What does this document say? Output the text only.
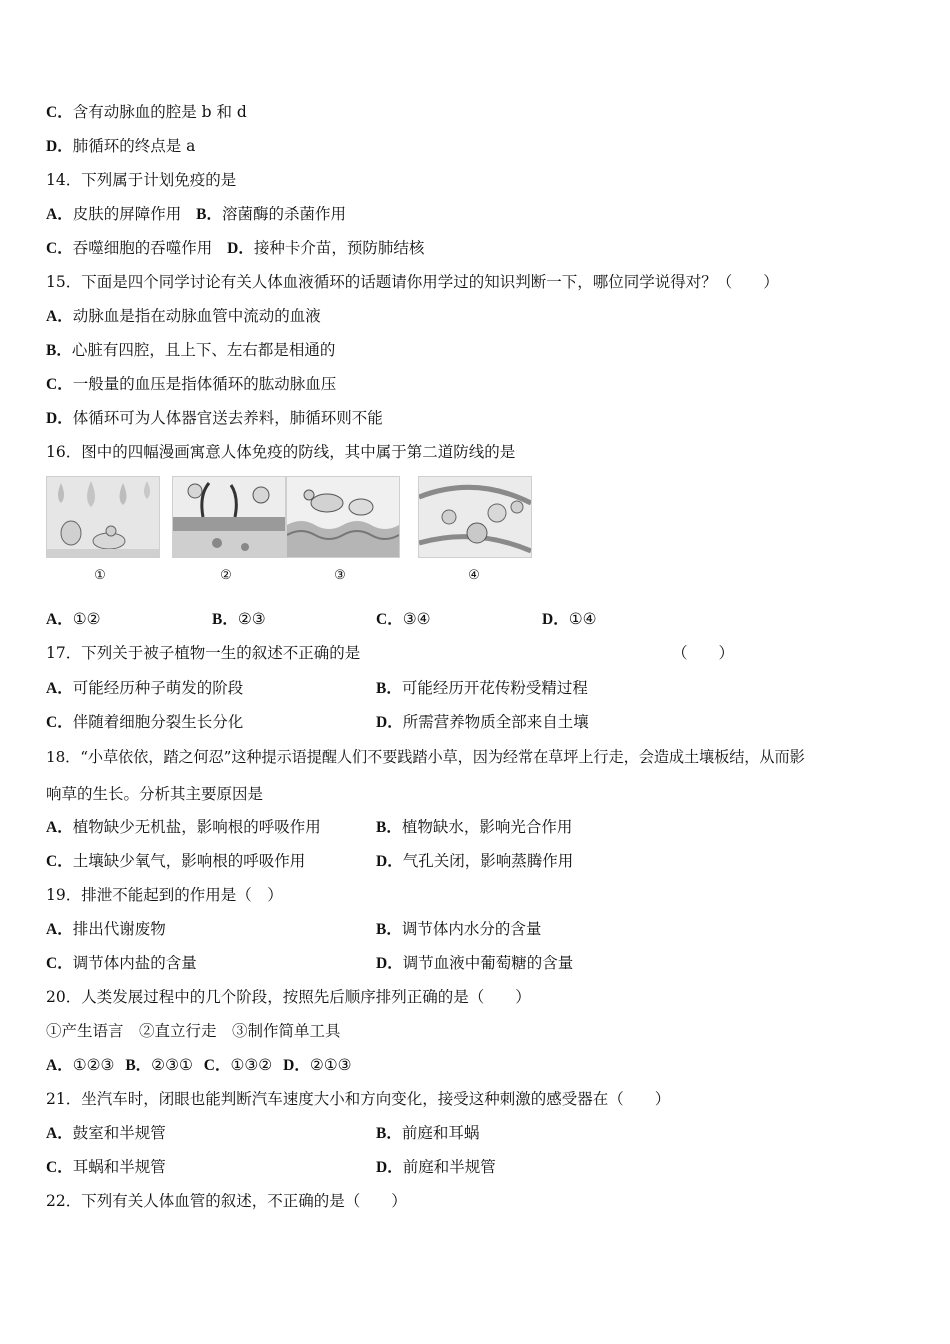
C．含有动脉血的腔是 b 和 d
D．肺循环的终点是 a
14．下列属于计划免疫的是
A．皮肤的屏障作用 B．溶菌酶的杀菌作用
C．吞噬细胞的吞噬作用 D．接种卡介苗，预防肺结核
15．下面是四个同学讨论有关人体血液循环的话题请你用学过的知识判断一下，哪位同学说得对？（　　）
A．动脉血是指在动脉血管中流动的血液
B．心脏有四腔，且上下、左右都是相通的
C．一般量的血压是指体循环的肱动脉血压
D．体循环可为人体器官送去养料，肺循环则不能
16．图中的四幅漫画寓意人体免疫的防线，其中属于第二道防线的是
①	②	③	④
A．①②	B．②③	C．③④	D．①④
17．下列关于被子植物一生的叙述不正确的是	（　　）
A．可能经历种子萌发的阶段	B．可能经历开花传粉受精过程
C．伴随着细胞分裂生长分化	D．所需营养物质全部来自土壤
18．“小草依依，踏之何忍”这种提示语提醒人们不要践踏小草，因为经常在草坪上行走，会造成土壤板结，从而影
响草的生长。分析其主要原因是
A．植物缺少无机盐，影响根的呼吸作用	B．植物缺水，影响光合作用
C．土壤缺少氧气，影响根的呼吸作用	D．气孔关闭，影响蒸腾作用
19．排泄不能起到的作用是（　）
A．排出代谢废物	B．调节体内水分的含量
C．调节体内盐的含量	D．调节血液中葡萄糖的含量
20．人类发展过程中的几个阶段，按照先后顺序排列正确的是（　　）
①产生语言　②直立行走　③制作简单工具
A．①②③ B．②③① C．①③② D．②①③
21．坐汽车时，闭眼也能判断汽车速度大小和方向变化，接受这种刺激的感受器在（　　）
A．鼓室和半规管	B．前庭和耳蜗
C．耳蜗和半规管	D．前庭和半规管
22．下列有关人体血管的叙述，不正确的是（　　）
